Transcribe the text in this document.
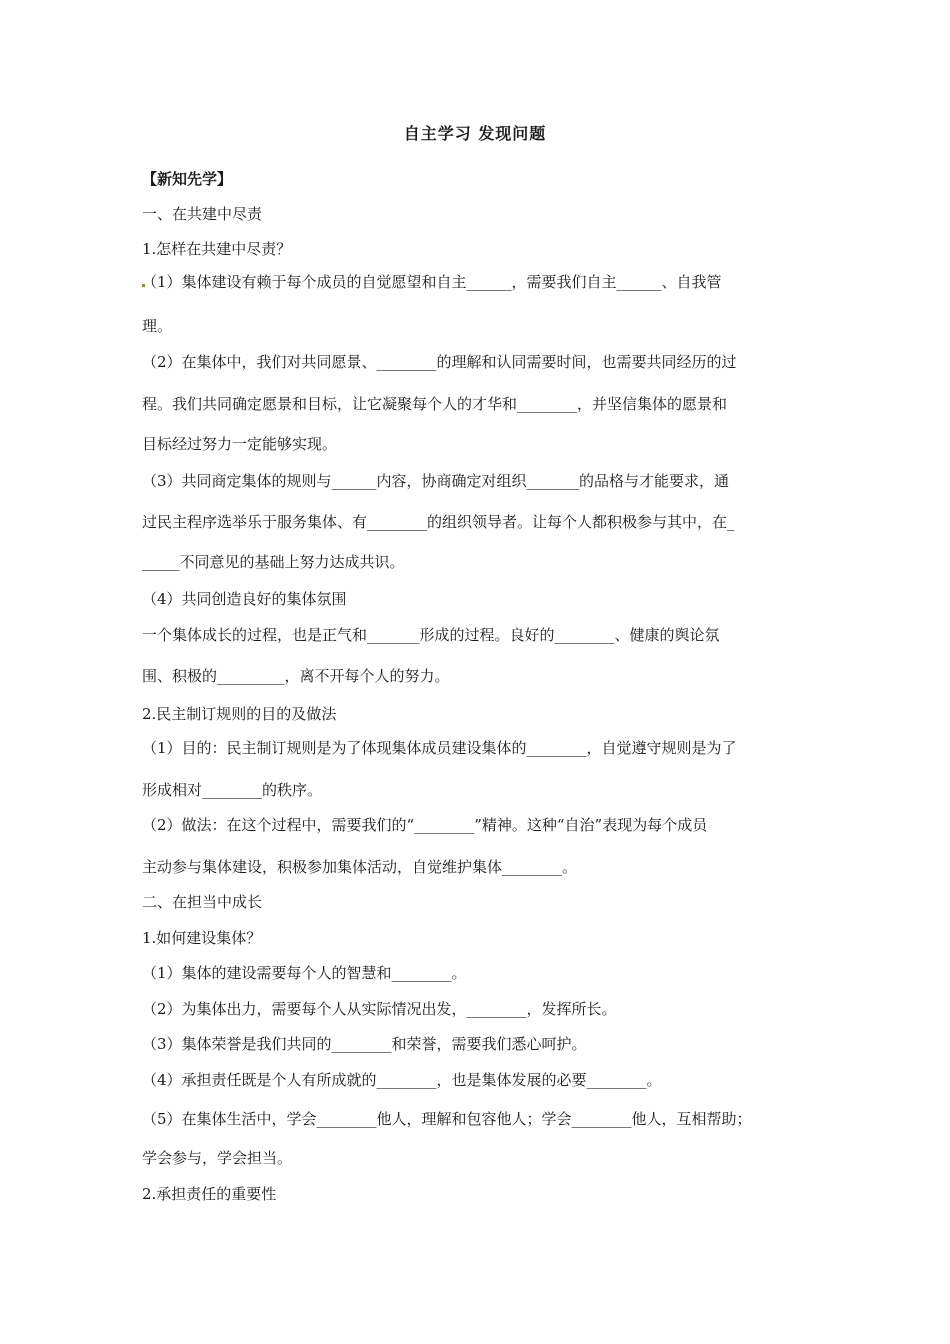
自主学习 发现问题
【新知先学】
一、在共建中尽责
1.怎样在共建中尽责？
（1）集体建设有赖于每个成员的自觉愿望和自主______，需要我们自主______、自我管
理。
（2）在集体中，我们对共同愿景、________的理解和认同需要时间，也需要共同经历的过
程。我们共同确定愿景和目标，让它凝聚每个人的才华和________，并坚信集体的愿景和
目标经过努力一定能够实现。
（3）共同商定集体的规则与______内容，协商确定对组织_______的品格与才能要求，通
过民主程序选举乐于服务集体、有________的组织领导者。让每个人都积极参与其中，在_
_____不同意见的基础上努力达成共识。
（4）共同创造良好的集体氛围
一个集体成长的过程，也是正气和_______形成的过程。良好的________、健康的舆论氛
围、积极的_________，离不开每个人的努力。
2.民主制订规则的目的及做法
（1）目的：民主制订规则是为了体现集体成员建设集体的________，自觉遵守规则是为了
形成相对________的秩序。
（2）做法：在这个过程中，需要我们的“________”精神。这种“自治”表现为每个成员
主动参与集体建设，积极参加集体活动，自觉维护集体________。
二、在担当中成长
1.如何建设集体？
（1）集体的建设需要每个人的智慧和________。
（2）为集体出力，需要每个人从实际情况出发，________，发挥所长。
（3）集体荣誉是我们共同的________和荣誉，需要我们悉心呵护。
（4）承担责任既是个人有所成就的________，也是集体发展的必要________。
（5）在集体生活中，学会________他人，理解和包容他人；学会________他人，互相帮助；
学会参与，学会担当。
2.承担责任的重要性
